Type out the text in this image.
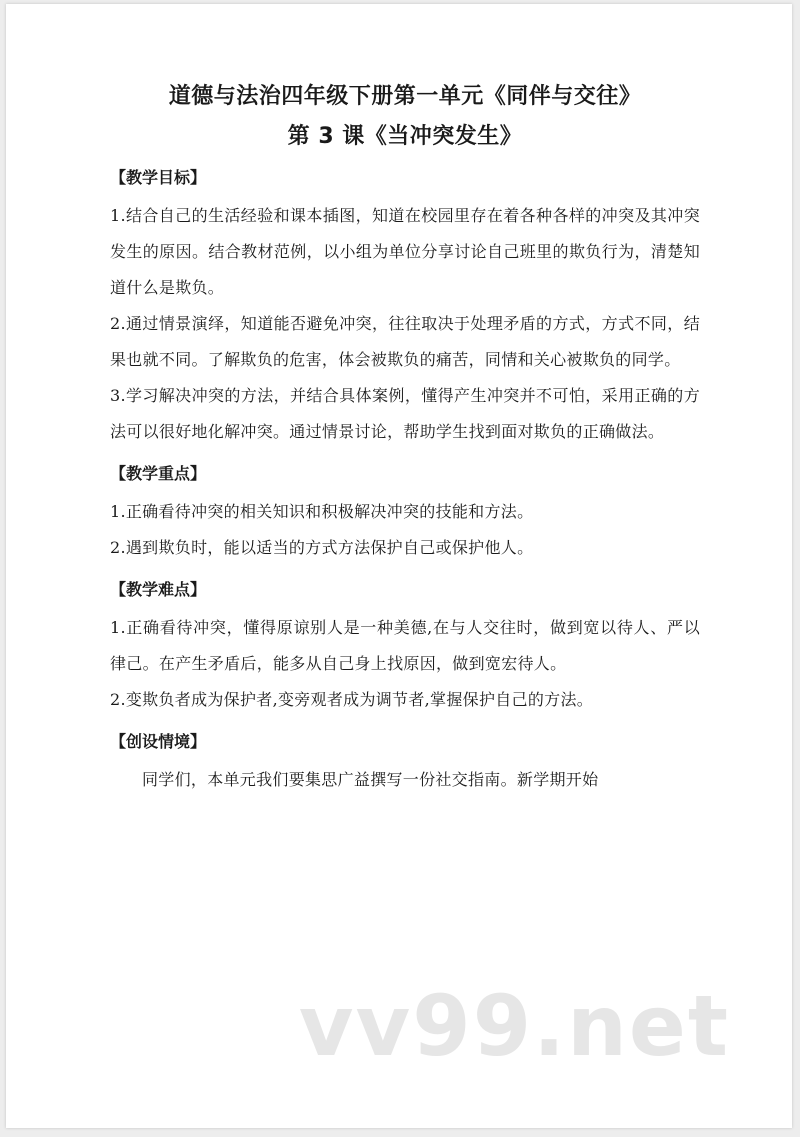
道德与法治四年级下册第一单元《同伴与交往》
第 3 课《当冲突发生》
【教学目标】

1.结合自己的生活经验和课本插图，知道在校园里存在着各种各样的冲突及其冲突发生的原因。结合教材范例，以小组为单位分享讨论自己班里的欺负行为，清楚知道什么是欺负。

2.通过情景演绎，知道能否避免冲突，往往取决于处理矛盾的方式，方式不同，结果也就不同。了解欺负的危害，体会被欺负的痛苦，同情和关心被欺负的同学。

3.学习解决冲突的方法，并结合具体案例，懂得产生冲突并不可怕，采用正确的方法可以很好地化解冲突。通过情景讨论，帮助学生找到面对欺负的正确做法。

【教学重点】

1.正确看待冲突的相关知识和积极解决冲突的技能和方法。

2.遇到欺负时，能以适当的方式方法保护自己或保护他人。

【教学难点】

1.正确看待冲突，懂得原谅别人是一种美德,在与人交往时，做到宽以待人、严以律己。在产生矛盾后，能多从自己身上找原因，做到宽宏待人。

2.变欺负者成为保护者,变旁观者成为调节者,掌握保护自己的方法。

【创设情境】

同学们，本单元我们要集思广益撰写一份社交指南。新学期开始

vv99.net
